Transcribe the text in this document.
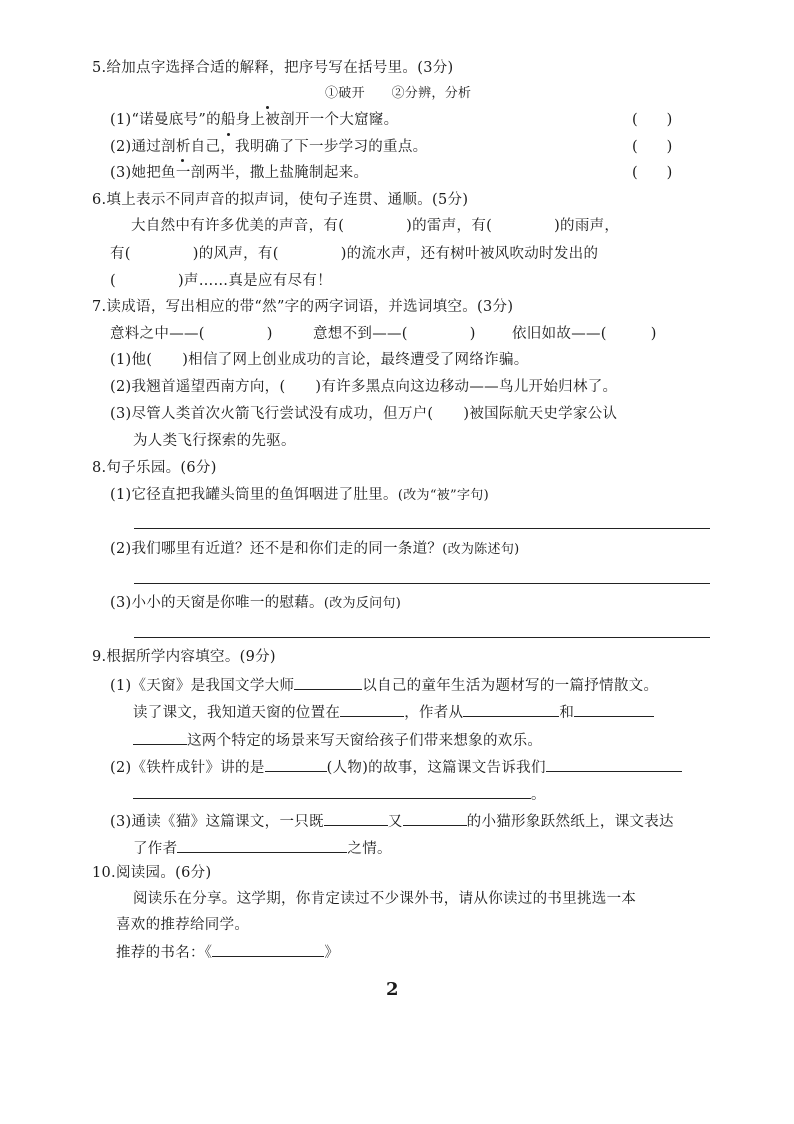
5.给加点字选择合适的解释，把序号写在括号里。(3分)
①破开　　②分辨，分析
(1)“诺曼底号”的船身上被剖开一个大窟窿。	(　　)
(2)通过剖析自己，我明确了下一步学习的重点。	(　　)
(3)她把鱼一剖两半，撒上盐腌制起来。	(　　)
6.填上表示不同声音的拟声词，使句子连贯、通顺。(5分)
大自然中有许多优美的声音，有(	)的雷声，有(	)的雨声，
有(	)的风声，有(	)的流水声，还有树叶被风吹动时发出的
(	)声……真是应有尽有！
7.读成语，写出相应的带“然”字的两字词语，并选词填空。(3分)
意料之中——(	)	意想不到——(	)	依旧如故——(	)
(1)他( )相信了网上创业成功的言论，最终遭受了网络诈骗。
(2)我翘首遥望西南方向，( )有许多黑点向这边移动——鸟儿开始归林了。
(3)尽管人类首次火箭飞行尝试没有成功，但万户( )被国际航天史学家公认
为人类飞行探索的先驱。
8.句子乐园。(6分)
(1)它径直把我罐头筒里的鱼饵咽进了肚里。(改为“被”字句)
(2)我们哪里有近道？还不是和你们走的同一条道？(改为陈述句)
(3)小小的天窗是你唯一的慰藉。(改为反问句)
9.根据所学内容填空。(9分)
(1)《天窗》是我国文学大师	以自己的童年生活为题材写的一篇抒情散文。
读了课文，我知道天窗的位置在	，作者从	和
这两个特定的场景来写天窗给孩子们带来想象的欢乐。
(2)《铁杵成针》讲的是	(人物)的故事，这篇课文告诉我们
。
(3)通读《猫》这篇课文，一只既	又	的小猫形象跃然纸上，课文表达
了作者	之情。
10.阅读园。(6分)
阅读乐在分享。这学期，你肯定读过不少课外书，请从你读过的书里挑选一本
喜欢的推荐给同学。
推荐的书名：《	》
2
